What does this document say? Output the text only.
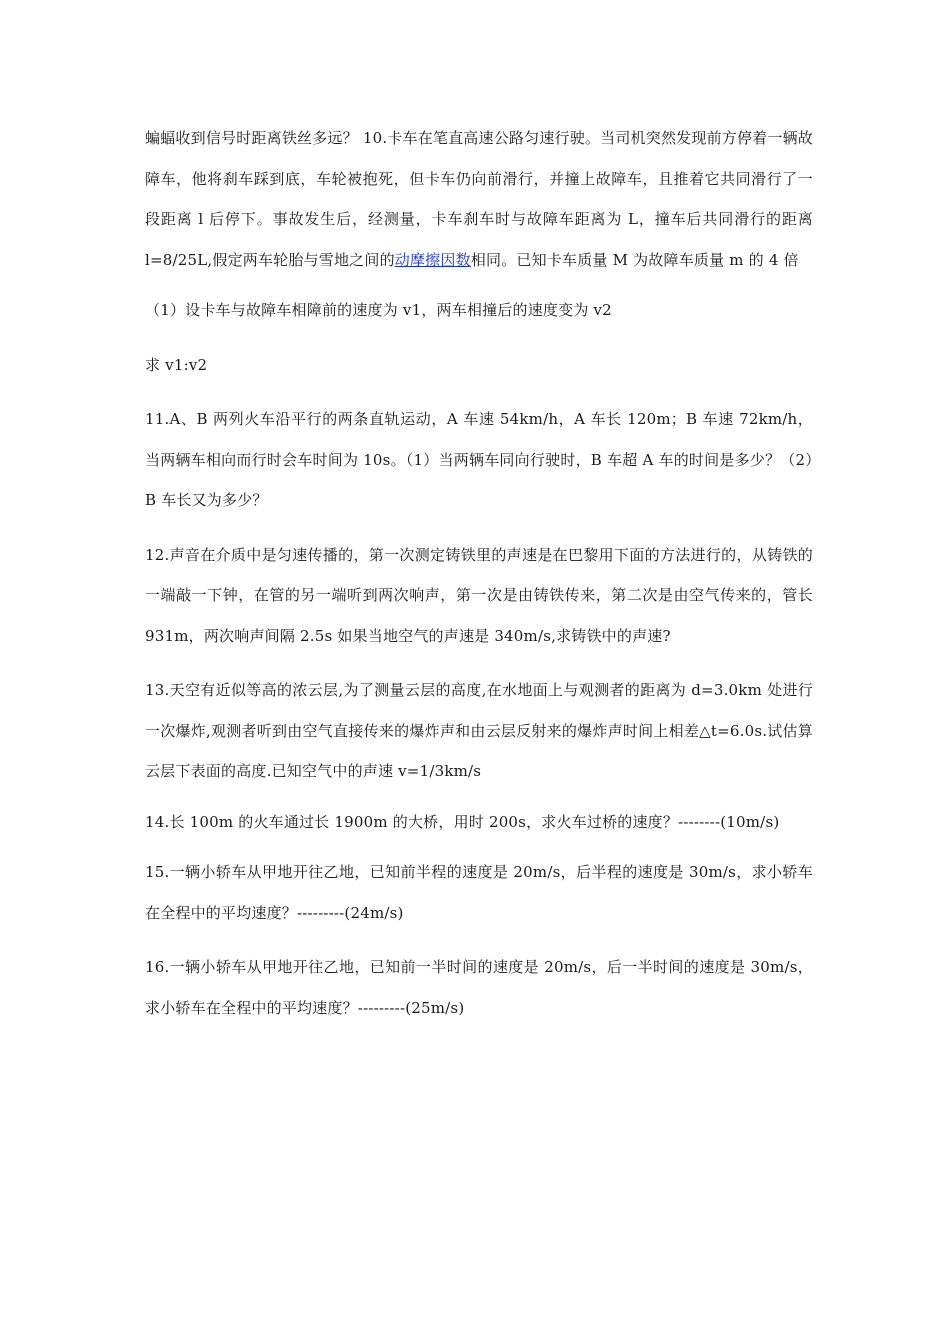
蝙蝠收到信号时距离铁丝多远？ 10.卡车在笔直高速公路匀速行驶。当司机突然发现前方停着一辆故障车，他将刹车踩到底，车轮被抱死，但卡车仍向前滑行，并撞上故障车，且推着它共同滑行了一段距离 l 后停下。事故发生后，经测量，卡车刹车时与故障车距离为 L，撞车后共同滑行的距离 l=8/25L,假定两车轮胎与雪地之间的动摩擦因数相同。已知卡车质量 M 为故障车质量 m 的 4 倍

（1）设卡车与故障车相障前的速度为 v1，两车相撞后的速度变为 v2

求 v1:v2

11.A、B 两列火车沿平行的两条直轨运动，A 车速 54km/h，A 车长 120m；B 车速 72km/h，当两辆车相向而行时会车时间为 10s。（1）当两辆车同向行驶时，B 车超 A 车的时间是多少？（2）B 车长又为多少？

12.声音在介质中是匀速传播的，第一次测定铸铁里的声速是在巴黎用下面的方法进行的，从铸铁的一端敲一下钟，在管的另一端听到两次响声，第一次是由铸铁传来，第二次是由空气传来的，管长 931m，两次响声间隔 2.5s 如果当地空气的声速是 340m/s,求铸铁中的声速?

13.天空有近似等高的浓云层,为了测量云层的高度,在水地面上与观测者的距离为 d=3.0km 处进行一次爆炸,观测者听到由空气直接传来的爆炸声和由云层反射来的爆炸声时间上相差△t=6.0s.试估算云层下表面的高度.已知空气中的声速 v=1/3km/s

14.长 100m 的火车通过长 1900m 的大桥，用时 200s，求火车过桥的速度？--------(10m/s)

15.一辆小轿车从甲地开往乙地，已知前半程的速度是 20m/s，后半程的速度是 30m/s，求小轿车在全程中的平均速度？---------(24m/s)

16.一辆小轿车从甲地开往乙地，已知前一半时间的速度是 20m/s，后一半时间的速度是 30m/s，求小轿车在全程中的平均速度？---------(25m/s)
